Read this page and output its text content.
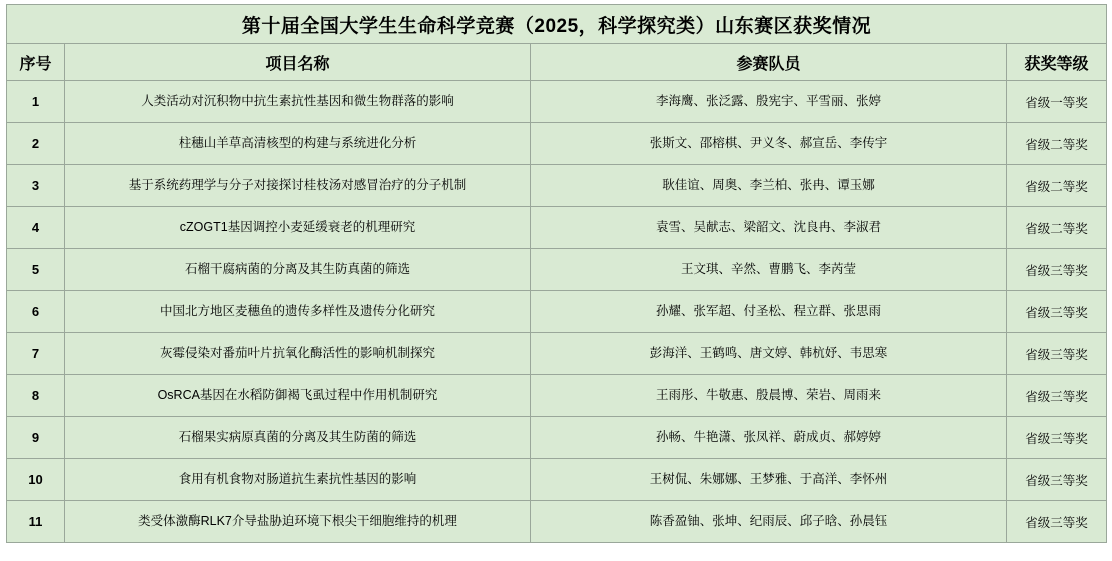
第十届全国大学生生命科学竞赛（2025，科学探究类）山东赛区获奖情况			
序号	项目名称	参赛队员	获奖等级
1	人类活动对沉积物中抗生素抗性基因和微生物群落的影响	李海鹰、张泛露、殷宪宇、平雪丽、张婷	省级一等奖
2	柱穗山羊草高清核型的构建与系统进化分析	张斯文、邵榕棋、尹义冬、郝宣岳、李传宇	省级二等奖
3	基于系统药理学与分子对接探讨桂枝汤对感冒治疗的分子机制	耿佳谊、周奥、李兰柏、张冉、谭玉娜	省级二等奖
4	cZOGT1基因调控小麦延缓衰老的机理研究	袁雪、吴献志、梁韶文、沈良冉、李淑君	省级二等奖
5	石榴干腐病菌的分离及其生防真菌的筛选	王文琪、辛然、曹鹏飞、李芮莹	省级三等奖
6	中国北方地区麦穗鱼的遗传多样性及遗传分化研究	孙耀、张军超、付圣松、程立群、张思雨	省级三等奖
7	灰霉侵染对番茄叶片抗氧化酶活性的影响机制探究	彭海洋、王鹤鸣、唐文婷、韩杭妤、韦思寒	省级三等奖
8	OsRCA基因在水稻防御褐飞虱过程中作用机制研究	王雨彤、牛敬惠、殷晨博、荣岩、周雨来	省级三等奖
9	石榴果实病原真菌的分离及其生防菌的筛选	孙畅、牛艳潇、张凤祥、蔚成贞、郝婷婷	省级三等奖
10	食用有机食物对肠道抗生素抗性基因的影响	王树侃、朱娜娜、王梦雅、于高洋、李怀州	省级三等奖
11	类受体激酶RLK7介导盐胁迫环境下根尖干细胞维持的机理	陈香盈铀、张坤、纪雨辰、邱子晗、孙晨钰	省级三等奖
